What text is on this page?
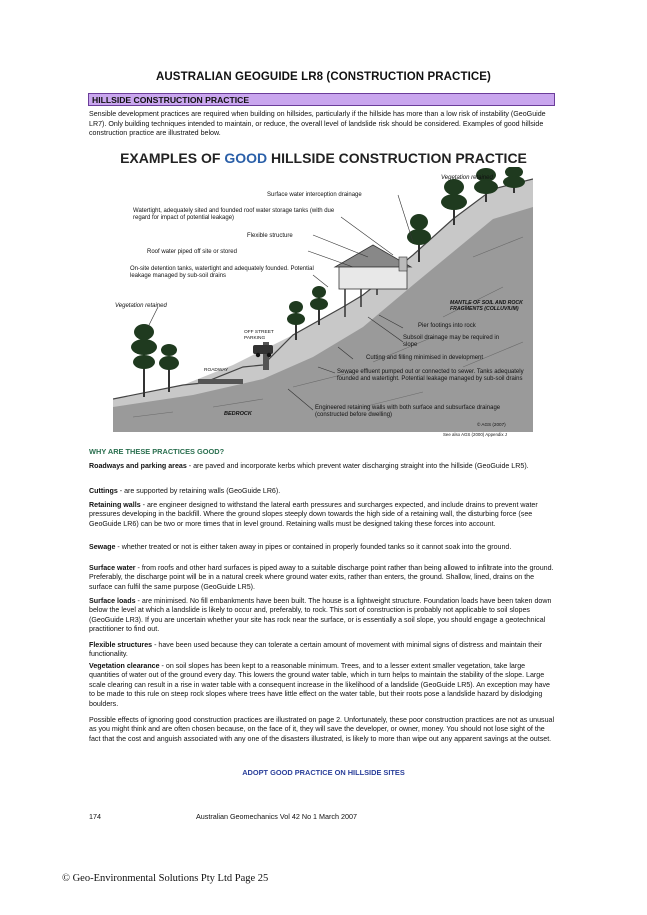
AUSTRALIAN GEOGUIDE LR8 (CONSTRUCTION PRACTICE)
HILLSIDE CONSTRUCTION PRACTICE
Sensible development practices are required when building on hillsides, particularly if the hillside has more than a low risk of instability (GeoGuide LR7). Only building techniques intended to maintain, or reduce, the overall level of landslide risk should be considered. Examples of good hillside construction practice are illustrated below.
EXAMPLES OF GOOD HILLSIDE CONSTRUCTION PRACTICE
Vegetation retained
Surface water interception drainage
Watertight, adequately sited and founded roof water storage tanks (with due regard for impact of potential leakage)
Flexible structure
Roof water piped off site or stored
On-site detention tanks, watertight and adequately founded. Potential leakage managed by sub-soil drains
Vegetation retained
OFF STREET PARKING
ROADWAY
BEDROCK
MANTLE OF SOIL AND ROCK FRAGMENTS (COLLUVIUM)
Pier footings into rock
Subsoil drainage may be required in slope
Cutting and filling minimised in development
Sewage effluent pumped out or connected to sewer. Tanks adequately founded and watertight. Potential leakage managed by sub-soil drains
Engineered retaining walls with both surface and subsurface drainage (constructed before dwelling)
© AGS (2007)
See also AGS (2000) Appendix J
WHY ARE THESE PRACTICES GOOD?
Roadways and parking areas - are paved and incorporate kerbs which prevent water discharging straight into the hillside (GeoGuide LR5).
Cuttings - are supported by retaining walls (GeoGuide LR6).
Retaining walls - are engineer designed to withstand the lateral earth pressures and surcharges expected, and include drains to prevent water pressures developing in the backfill. Where the ground slopes steeply down towards the high side of a retaining wall, the disturbing force (see GeoGuide LR6) can be two or more times that in level ground. Retaining walls must be designed taking these forces into account.
Sewage - whether treated or not is either taken away in pipes or contained in properly founded tanks so it cannot soak into the ground.
Surface water - from roofs and other hard surfaces is piped away to a suitable discharge point rather than being allowed to infiltrate into the ground. Preferably, the discharge point will be in a natural creek where ground water exits, rather than enters, the ground. Shallow, lined, drains on the surface can fulfil the same purpose (GeoGuide LR5).
Surface loads - are minimised. No fill embankments have been built. The house is a lightweight structure. Foundation loads have been taken down below the level at which a landslide is likely to occur and, preferably, to rock. This sort of construction is probably not applicable to soil slopes (GeoGuide LR3). If you are uncertain whether your site has rock near the surface, or is essentially a soil slope, you should engage a geotechnical practitioner to find out.
Flexible structures - have been used because they can tolerate a certain amount of movement with minimal signs of distress and maintain their functionality.
Vegetation clearance - on soil slopes has been kept to a reasonable minimum. Trees, and to a lesser extent smaller vegetation, take large quantities of water out of the ground every day. This lowers the ground water table, which in turn helps to maintain the stability of the slope. Large scale clearing can result in a rise in water table with a consequent increase in the likelihood of a landslide (GeoGuide LR5). An exception may have to be made to this rule on steep rock slopes where trees have little effect on the water table, but their roots pose a landslide hazard by dislodging boulders.
Possible effects of ignoring good construction practices are illustrated on page 2. Unfortunately, these poor construction practices are not as unusual as you might think and are often chosen because, on the face of it, they will save the developer, or owner, money. You should not lose sight of the fact that the cost and anguish associated with any one of the disasters illustrated, is likely to more than wipe out any apparent savings at the outset.
ADOPT GOOD PRACTICE ON HILLSIDE SITES
174	Australian Geomechanics Vol 42 No 1 March 2007
© Geo-Environmental Solutions Pty Ltd Page 25
